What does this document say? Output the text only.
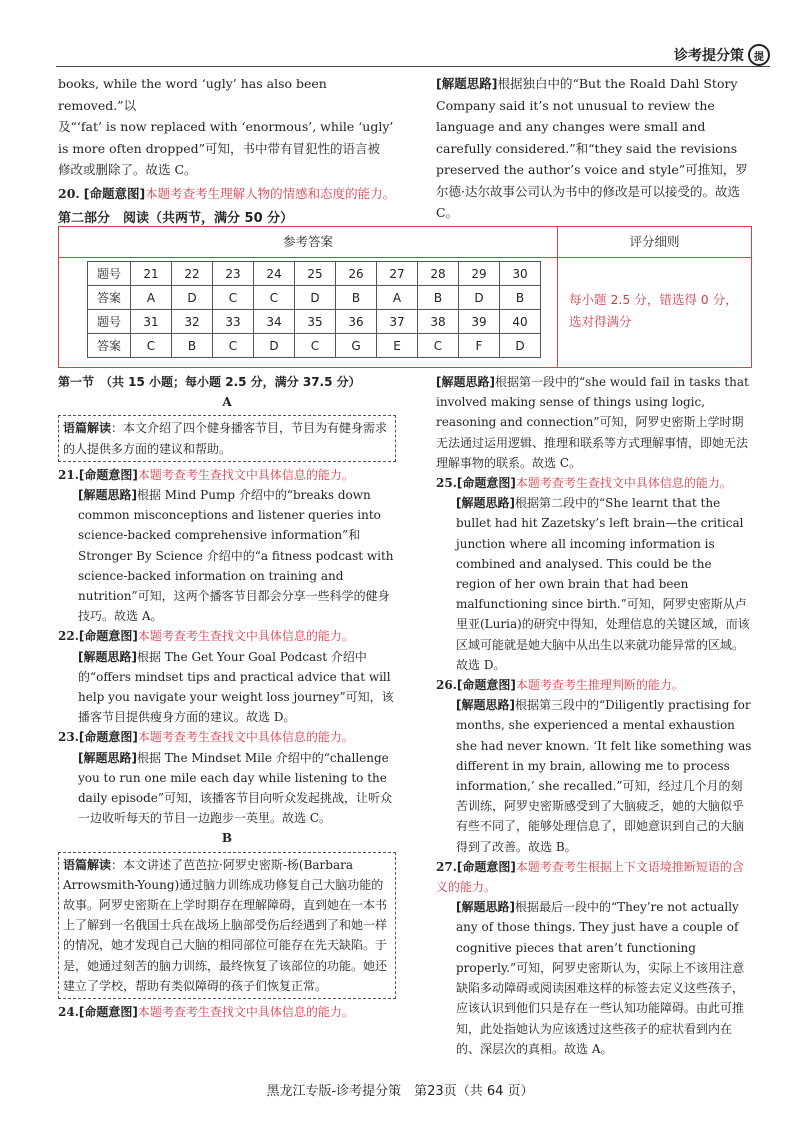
诊考提分策	提

books, while the word ‘ugly’ has also been removed.”以

及“‘fat’ is now replaced with ‘enormous’, while ‘ugly’

is more often dropped”可知，书中带有冒犯性的语言被

修改或删除了。故选 C。

20. [命题意图]本题考查考生理解人物的情感和态度的能力。

[解题思路]根据独白中的“But the Roald Dahl Story Company said it’s not unusual to review the language and any changes were small and carefully considered.”和“they said the revisions preserved the author’s voice and style”可推知，罗尔德·达尔故事公司认为书中的修改是可以接受的。故选 C。

第二部分　阅读（共两节，满分 50 分）
参考答案	评分细则
题号	21	22	23	24	25	26	27	28	29	30
答案	A	D	C	C	D	B	A	B	D	B
题号	31	32	33	34	35	36	37	38	39	40
答案	C	B	C	D	C	G	E	C	F	D
每小题 2.5 分，错选得 0 分，选对得满分

第一节　（共 15 小题；每小题 2.5 分，满分 37.5 分）

A

语篇解读：本文介绍了四个健身播客节目，节目为有健身需求的人提供多方面的建议和帮助。

21.[命题意图]本题考查考生查找文中具体信息的能力。

[解题思路]根据 Mind Pump 介绍中的“breaks down common misconceptions and listener queries into science-backed comprehensive information”和 Stronger By Science 介绍中的“a fitness podcast with science-backed information on training and nutrition”可知，这两个播客节目都会分享一些科学的健身技巧。故选 A。

22.[命题意图]本题考查考生查找文中具体信息的能力。

[解题思路]根据 The Get Your Goal Podcast 介绍中的“offers mindset tips and practical advice that will help you navigate your weight loss journey”可知，该播客节目提供瘦身方面的建议。故选 D。

23.[命题意图]本题考查考生查找文中具体信息的能力。

[解题思路]根据 The Mindset Mile 介绍中的“challenge you to run one mile each day while listening to the daily episode”可知，该播客节目向听众发起挑战，让听众一边收听每天的节目一边跑步一英里。故选 C。

B

语篇解读：本文讲述了芭芭拉·阿罗史密斯-杨(Barbara Arrowsmith-Young)通过脑力训练成功修复自己大脑功能的故事。阿罗史密斯在上学时期存在理解障碍，直到她在一本书上了解到一名俄国士兵在战场上脑部受伤后经遇到了和她一样的情况，她才发现自己大脑的相同部位可能存在先天缺陷。于是，她通过刻苦的脑力训练，最终恢复了该部位的功能。她还建立了学校，帮助有类似障碍的孩子们恢复正常。

24.[命题意图]本题考查考生查找文中具体信息的能力。

[解题思路]根据第一段中的“she would fail in tasks that involved making sense of things using logic, reasoning and connection”可知，阿罗史密斯上学时期无法通过运用逻辑、推理和联系等方式理解事情，即她无法理解事物的联系。故选 C。

25.[命题意图]本题考查考生查找文中具体信息的能力。

[解题思路]根据第二段中的“She learnt that the bullet had hit Zazetsky’s left brain—the critical junction where all incoming information is combined and analysed. This could be the region of her own brain that had been malfunctioning since birth.”可知，阿罗史密斯从卢里亚(Luria)的研究中得知，处理信息的关键区域，而该区域可能就是她大脑中从出生以来就功能异常的区域。故选 D。

26.[命题意图]本题考查考生推理判断的能力。

[解题思路]根据第三段中的“Diligently practising for months, she experienced a mental exhaustion she had never known. ‘It felt like something was different in my brain, allowing me to process information,’ she recalled.”可知，经过几个月的刻苦训练，阿罗史密斯感受到了大脑疲乏，她的大脑似乎有些不同了，能够处理信息了，即她意识到自己的大脑得到了改善。故选 B。

27.[命题意图]本题考查考生根据上下文语境推断短语的含义的能力。

[解题思路]根据最后一段中的“They’re not actually any of those things. They just have a couple of cognitive pieces that aren’t functioning properly.”可知，阿罗史密斯认为，实际上不该用注意缺陷多动障碍或阅读困难这样的标签去定义这些孩子，应该认识到他们只是存在一些认知功能障碍。由此可推知，此处指她认为应该透过这些孩子的症状看到内在的、深层次的真相。故选 A。

黑龙江专版-诊考提分策　第23页（共 64 页）
